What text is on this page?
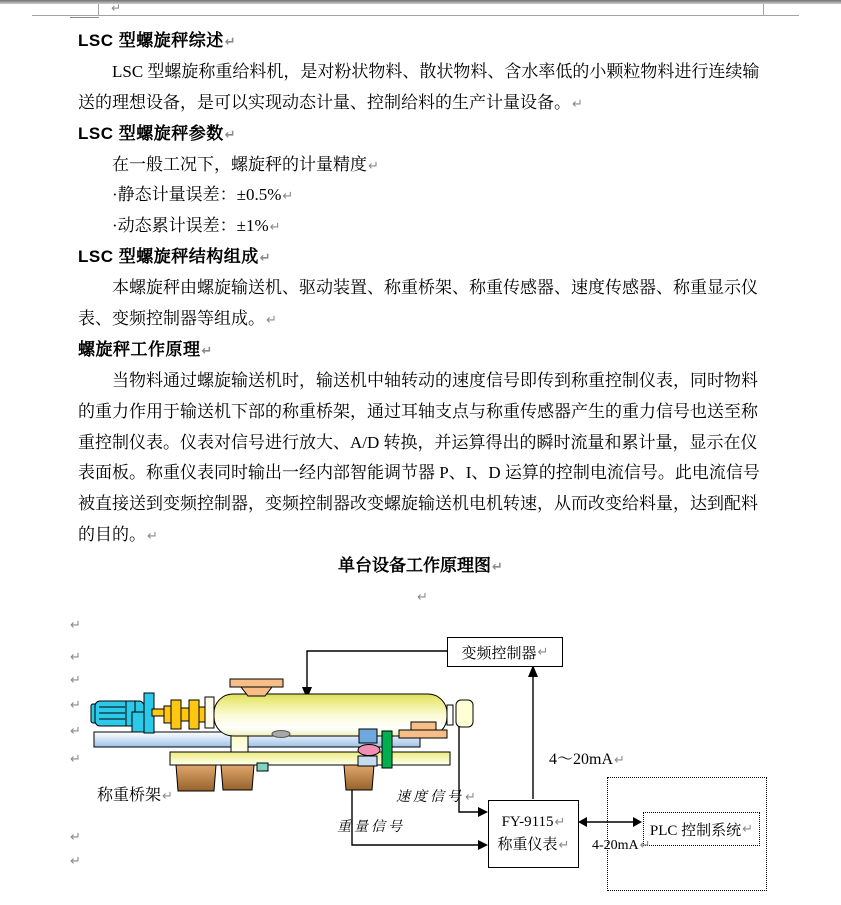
↵
LSC 型螺旋秤综述↵
LSC 型螺旋称重给料机，是对粉状物料、散状物料、含水率低的小颗粒物料进行连续输
送的理想设备，是可以实现动态计量、控制给料的生产计量设备。↵
LSC 型螺旋秤参数↵
在一般工况下，螺旋秤的计量精度↵
·静态计量误差：±0.5%↵
·动态累计误差：±1%↵
LSC 型螺旋秤结构组成↵
本螺旋秤由螺旋输送机、驱动装置、称重桥架、称重传感器、速度传感器、称重显示仪
表、变频控制器等组成。↵
螺旋秤工作原理↵
当物料通过螺旋输送机时，输送机中轴转动的速度信号即传到称重控制仪表，同时物料
的重力作用于输送机下部的称重桥架，通过耳轴支点与称重传感器产生的重力信号也送至称
重控制仪表。仪表对信号进行放大、A/D 转换，并运算得出的瞬时流量和累计量，显示在仪
表面板。称重仪表同时输出一经内部智能调节器 P、I、D 运算的控制电流信号。此电流信号
被直接送到变频控制器，变频控制器改变螺旋输送机电机转速，从而改变给料量，达到配料
的目的。↵
单台设备工作原理图↵
↵
↵
↵
↵
↵
↵
↵
↵
↵
变频控制器 ↵
PLC 控制系统 ↵
FY-9115↵
称重仪表↵
称重桥架↵	速度信号↵
重量信号
4～20mA↵
4-20mA↵
